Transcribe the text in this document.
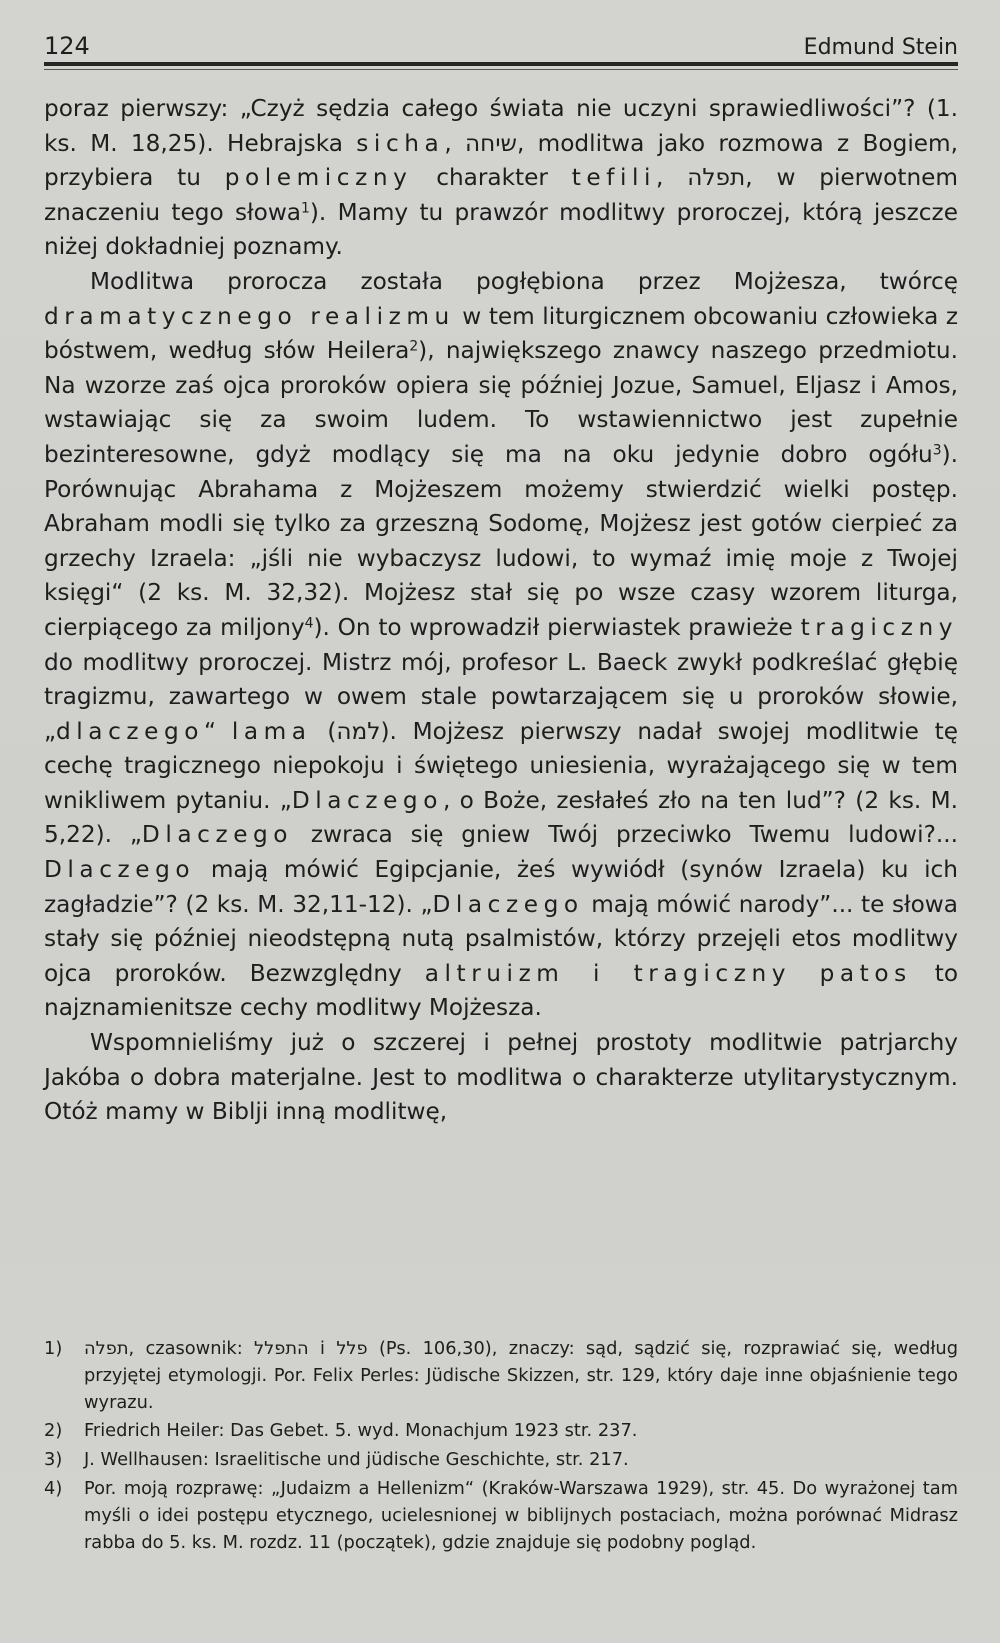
124	Edmund Stein

poraz pierwszy: „Czyż sędzia całego świata nie uczyni sprawiedliwości”? (1. ks. M. 18,25). Hebrajska sicha, שיחה, modlitwa jako rozmowa z Bogiem, przybiera tu polemiczny charakter tefili, תפלה, w pierwotnem znaczeniu tego słowa$^1$). Mamy tu prawzór modlitwy proroczej, którą jeszcze niżej dokładniej poznamy.

Modlitwa prorocza została pogłębiona przez Mojżesza, twórcę dramatycznego realizmu w tem liturgicznem obcowaniu człowieka z bóstwem, według słów Heilera$^2$), największego znawcy naszego przedmiotu. Na wzorze zaś ojca proroków opiera się później Jozue, Samuel, Eljasz i Amos, wstawiając się za swoim ludem. To wstawiennictwo jest zupełnie bezinteresowne, gdyż modlący się ma na oku jedynie dobro ogółu$^3$). Porównując Abrahama z Mojżeszem możemy stwierdzić wielki postęp. Abraham modli się tylko za grzeszną Sodomę, Mojżesz jest gotów cierpieć za grzechy Izraela: „jśli nie wybaczysz ludowi, to wymaź imię moje z Twojej księgi“ (2 ks. M. 32,32). Mojżesz stał się po wsze czasy wzorem liturga, cierpiącego za miljony$^4$). On to wprowadził pierwiastek prawieże tragiczny do modlitwy proroczej. Mistrz mój, profesor L. Baeck zwykł podkreślać głębię tragizmu, zawartego w owem stale powtarzającem się u proroków słowie, „dlaczego“ lama (למה). Mojżesz pierwszy nadał swojej modlitwie tę cechę tragicznego niepokoju i świętego uniesienia, wyrażającego się w tem wnikliwem pytaniu. „Dlaczego, o Boże, zesłałeś zło na ten lud”? (2 ks. M. 5,22). „Dlaczego zwraca się gniew Twój przeciwko Twemu ludowi?... Dlaczego mają mówić Egipcjanie, żeś wywiódł (synów Izraela) ku ich zagładzie”? (2 ks. M. 32,11-12). „Dlaczego mają mówić narody”... te słowa stały się później nieodstępną nutą psalmistów, którzy przejęli etos modlitwy ojca proroków. Bezwzględny altruizm i tragiczny patos to najznamienitsze cechy modlitwy Mojżesza.

Wspomnieliśmy już o szczerej i pełnej prostoty modlitwie patrjarchy Jakóba o dobra materjalne. Jest to modlitwa o charakterze utylitarystycznym. Otóż mamy w Biblji inną modlitwę,

1)	תפלה, czasownik: התפלל i פלל (Ps. 106,30), znaczy: sąd, sądzić się, rozprawiać się, według przyjętej etymologji. Por. Felix Perles: Jüdische Skizzen, str. 129, który daje inne objaśnienie tego wyrazu.
2)	Friedrich Heiler: Das Gebet. 5. wyd. Monachjum 1923 str. 237.
3)	J. Wellhausen: Israelitische und jüdische Geschichte, str. 217.
4)	Por. moją rozprawę: „Judaizm a Hellenizm“ (Kraków-Warszawa 1929), str. 45. Do wyrażonej tam myśli o idei postępu etycznego, ucielesnionej w biblijnych postaciach, można porównać Midrasz rabba do 5. ks. M. rozdz. 11 (początek), gdzie znajduje się podobny pogląd.
